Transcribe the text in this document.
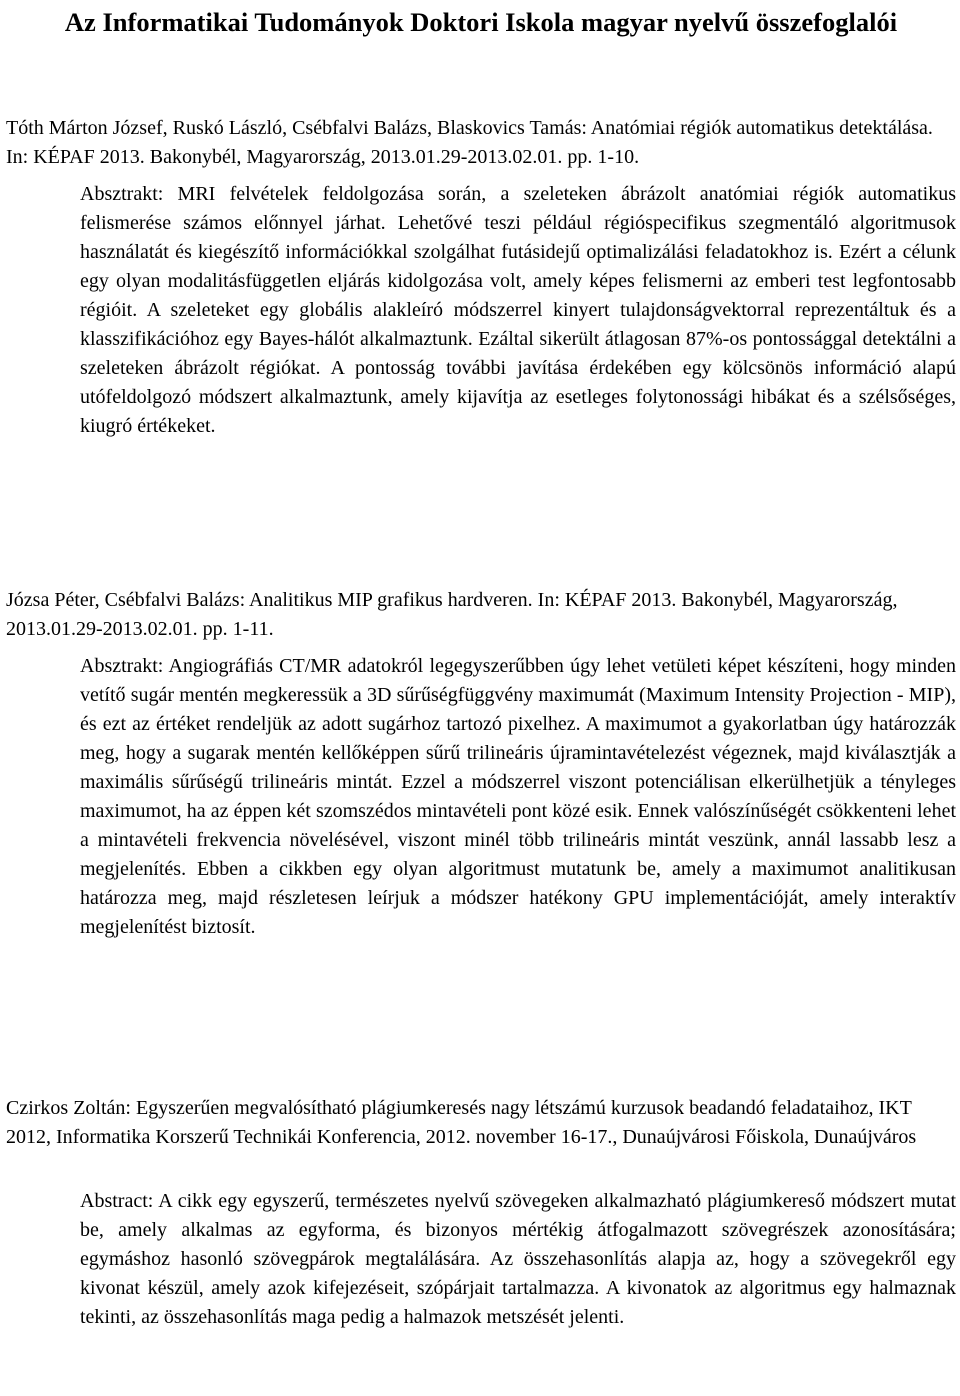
Az Informatikai Tudományok Doktori Iskola magyar nyelvű összefoglalói

Tóth Márton József, Ruskó László, Csébfalvi Balázs, Blaskovics Tamás: Anatómiai régiók automatikus detektálása. In: KÉPAF 2013. Bakonybél, Magyarország, 2013.01.29-2013.02.01. pp. 1-10.

Absztrakt: MRI felvételek feldolgozása során, a szeleteken ábrázolt anatómiai régiók automatikus felismerése számos előnnyel járhat. Lehetővé teszi például régióspecifikus szegmentáló algoritmusok használatát és kiegészítő információkkal szolgálhat futásidejű optimalizálási feladatokhoz is. Ezért a célunk egy olyan modalitásfüggetlen eljárás kidolgozása volt, amely képes felismerni az emberi test legfontosabb régióit. A szeleteket egy globális alakleíró módszerrel kinyert tulajdonságvektorral reprezentáltuk és a klasszifikációhoz egy Bayes-hálót alkalmaztunk. Ezáltal sikerült átlagosan 87%-os pontossággal detektálni a szeleteken ábrázolt régiókat. A pontosság további javítása érdekében egy kölcsönös információ alapú utófeldolgozó módszert alkalmaztunk, amely kijavítja az esetleges folytonossági hibákat és a szélsőséges, kiugró értékeket.

Józsa Péter, Csébfalvi Balázs: Analitikus MIP grafikus hardveren. In: KÉPAF 2013. Bakonybél, Magyarország, 2013.01.29-2013.02.01. pp. 1-11.

Absztrakt: Angiográfiás CT/MR adatokról legegyszerűbben úgy lehet vetületi képet készíteni, hogy minden vetítő sugár mentén megkeressük a 3D sűrűségfüggvény maximumát (Maximum Intensity Projection - MIP), és ezt az értéket rendeljük az adott sugárhoz tartozó pixelhez. A maximumot a gyakorlatban úgy határozzák meg, hogy a sugarak mentén kellőképpen sűrű trilineáris újramintavételezést végeznek, majd kiválasztják a maximális sűrűségű trilineáris mintát. Ezzel a módszerrel viszont potenciálisan elkerülhetjük a tényleges maximumot, ha az éppen két szomszédos mintavételi pont közé esik. Ennek valószínűségét csökkenteni lehet a mintavételi frekvencia növelésével, viszont minél több trilineáris mintát veszünk, annál lassabb lesz a megjelenítés. Ebben a cikkben egy olyan algoritmust mutatunk be, amely a maximumot analitikusan határozza meg, majd részletesen leírjuk a módszer hatékony GPU implementációját, amely interaktív megjelenítést biztosít.

Czirkos Zoltán: Egyszerűen megvalósítható plágiumkeresés nagy létszámú kurzusok beadandó feladataihoz, IKT 2012, Informatika Korszerű Technikái Konferencia, 2012. november 16-17., Dunaújvárosi Főiskola, Dunaújváros

Abstract: A cikk egy egyszerű, természetes nyelvű szövegeken alkalmazható plágiumkereső módszert mutat be, amely alkalmas az egyforma, és bizonyos mértékig átfogalmazott szövegrészek azonosítására; egymáshoz hasonló szövegpárok megtalálására. Az összehasonlítás alapja az, hogy a szövegekről egy kivonat készül, amely azok kifejezéseit, szópárjait tartalmazza. A kivonatok az algoritmus egy halmaznak tekinti, az összehasonlítás maga pedig a halmazok metszését jelenti.
